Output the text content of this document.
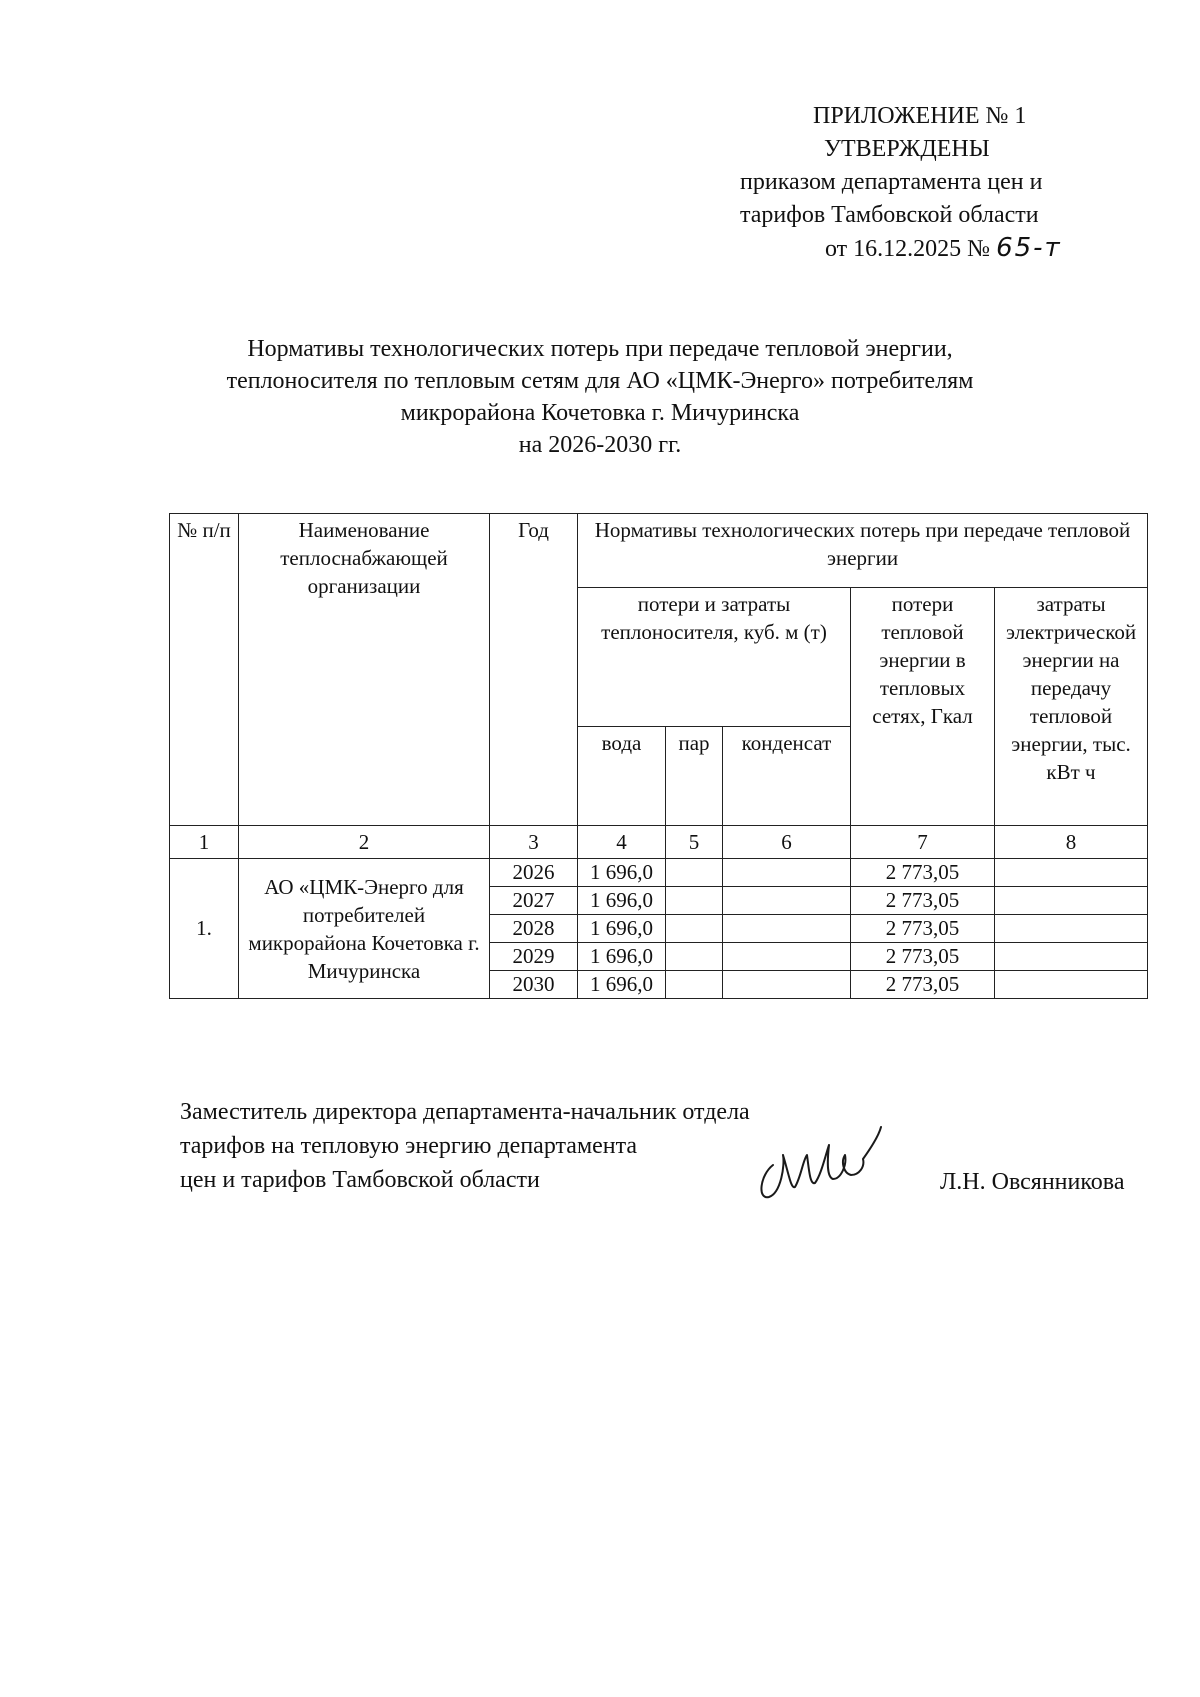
ПРИЛОЖЕНИЕ № 1
УТВЕРЖДЕНЫ
приказом департамента цен и
тарифов Тамбовской области
от 16.12.2025 № 65-т
Нормативы технологических потерь при передаче тепловой энергии,
теплоносителя по тепловым сетям для АО «ЦМК-Энерго» потребителям
микрорайона Кочетовка г. Мичуринска
на 2026-2030 гг.
№ п/п	Наименование теплоснабжающей организации	Год	Нормативы технологических потерь при передаче тепловой энергии				
			потери и затраты теплоносителя, куб. м (т)			потери тепловой энергии в тепловых сетях, Гкал	затраты электрической энергии на передачу тепловой энергии, тыс. кВт ч
			вода	пар	конденсат		
1	2	3	4	5	6	7	8
1.	АО «ЦМК-Энерго для потребителей микрорайона Кочетовка г. Мичуринска	2026	1 696,0			2 773,05	
		2027	1 696,0			2 773,05	
		2028	1 696,0			2 773,05	
		2029	1 696,0			2 773,05	
		2030	1 696,0			2 773,05	
Заместитель директора департамента-начальник отдела
тарифов на тепловую энергию департамента
цен и тарифов Тамбовской области	Л.Н. Овсянникова
